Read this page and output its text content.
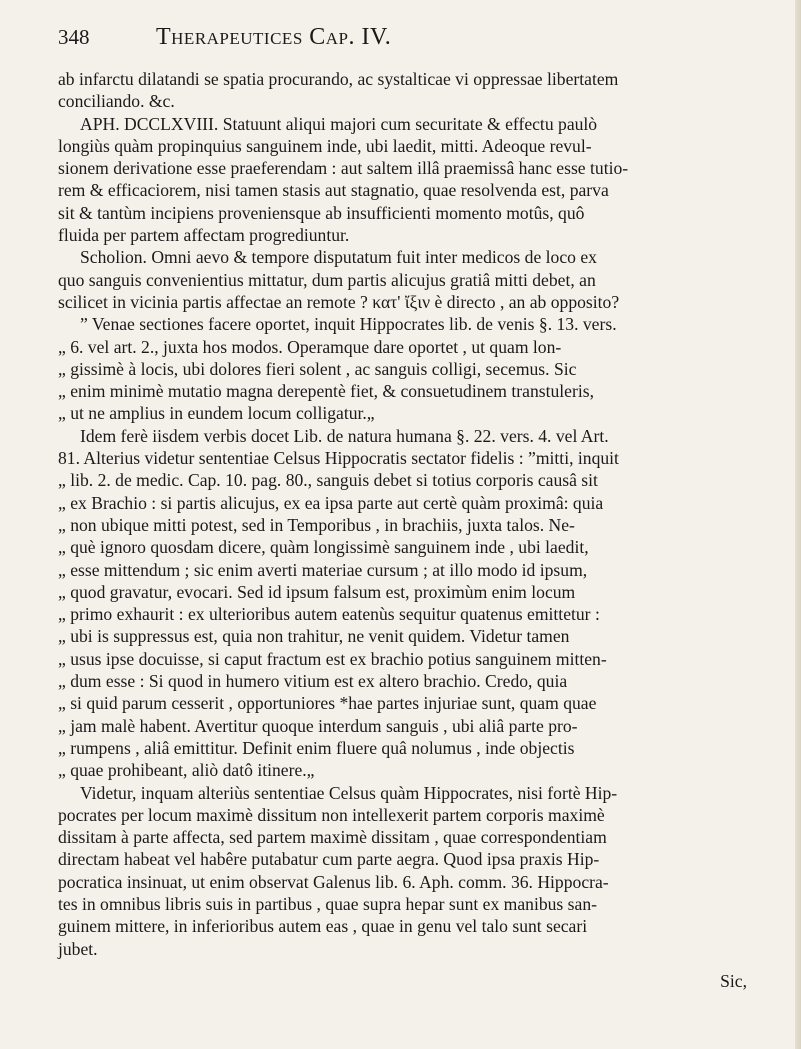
348	Therapeutices Cap. IV.
ab infarctu dilatandi se spatia procurando, ac systalticae vi oppressae libertatem
conciliando. &c.
APH. DCCLXVIII. Statuunt aliqui majori cum securitate & effectu paulò
longiùs quàm propinquius sanguinem inde, ubi laedit, mitti. Adeoque revul-
sionem derivatione esse praeferendam : aut saltem illâ praemissâ hanc esse tutio-
rem & efficaciorem, nisi tamen stasis aut stagnatio, quae resolvenda est, parva
sit & tantùm incipiens proveniensque ab insufficienti momento motûs, quô
fluida per partem affectam progrediuntur.
Scholion. Omni aevo & tempore disputatum fuit inter medicos de loco ex
quo sanguis convenientius mittatur, dum partis alicujus gratiâ mitti debet, an
scilicet in vicinia partis affectae an remote ? κατ' ἴξιν è directo , an ab opposito?
” Venae sectiones facere oportet, inquit Hippocrates lib. de venis §. 13. vers.
„ 6. vel art. 2., juxta hos modos. Operamque dare oportet , ut quam lon-
„ gissimè à locis, ubi dolores fieri solent , ac sanguis colligi, secemus. Sic
„ enim minimè mutatio magna derepentè fiet, & consuetudinem transtuleris,
„ ut ne amplius in eundem locum colligatur.„
Idem ferè iisdem verbis docet Lib. de natura humana §. 22. vers. 4. vel Art.
81. Alterius videtur sententiae Celsus Hippocratis sectator fidelis : ”mitti, inquit
„ lib. 2. de medic. Cap. 10. pag. 80., sanguis debet si totius corporis causâ sit
„ ex Brachio : si partis alicujus, ex ea ipsa parte aut certè quàm proximâ: quia
„ non ubique mitti potest, sed in Temporibus , in brachiis, juxta talos. Ne-
„ què ignoro quosdam dicere, quàm longissimè sanguinem inde , ubi laedit,
„ esse mittendum ; sic enim averti materiae cursum ; at illo modo id ipsum,
„ quod gravatur, evocari. Sed id ipsum falsum est, proximùm enim locum
„ primo exhaurit : ex ulterioribus autem eatenùs sequitur quatenus emittetur :
„ ubi is suppressus est, quia non trahitur, ne venit quidem. Videtur tamen
„ usus ipse docuisse, si caput fractum est ex brachio potius sanguinem mitten-
„ dum esse : Si quod in humero vitium est ex altero brachio. Credo, quia
„ si quid parum cesserit , opportuniores *hae partes injuriae sunt, quam quae
„ jam malè habent. Avertitur quoque interdum sanguis , ubi aliâ parte pro-
„ rumpens , aliâ emittitur. Definit enim fluere quâ nolumus , inde objectis
„ quae prohibeant, aliò datô itinere.„
Videtur, inquam alteriùs sententiae Celsus quàm Hippocrates, nisi fortè Hip-
pocrates per locum maximè dissitum non intellexerit partem corporis maximè
dissitam à parte affecta, sed partem maximè dissitam , quae correspondentiam
directam habeat vel habêre putabatur cum parte aegra. Quod ipsa praxis Hip-
pocratica insinuat, ut enim observat Galenus lib. 6. Aph. comm. 36. Hippocra-
tes in omnibus libris suis in partibus , quae supra hepar sunt ex manibus san-
guinem mittere, in inferioribus autem eas , quae in genu vel talo sunt secari
jubet.
Sic,
